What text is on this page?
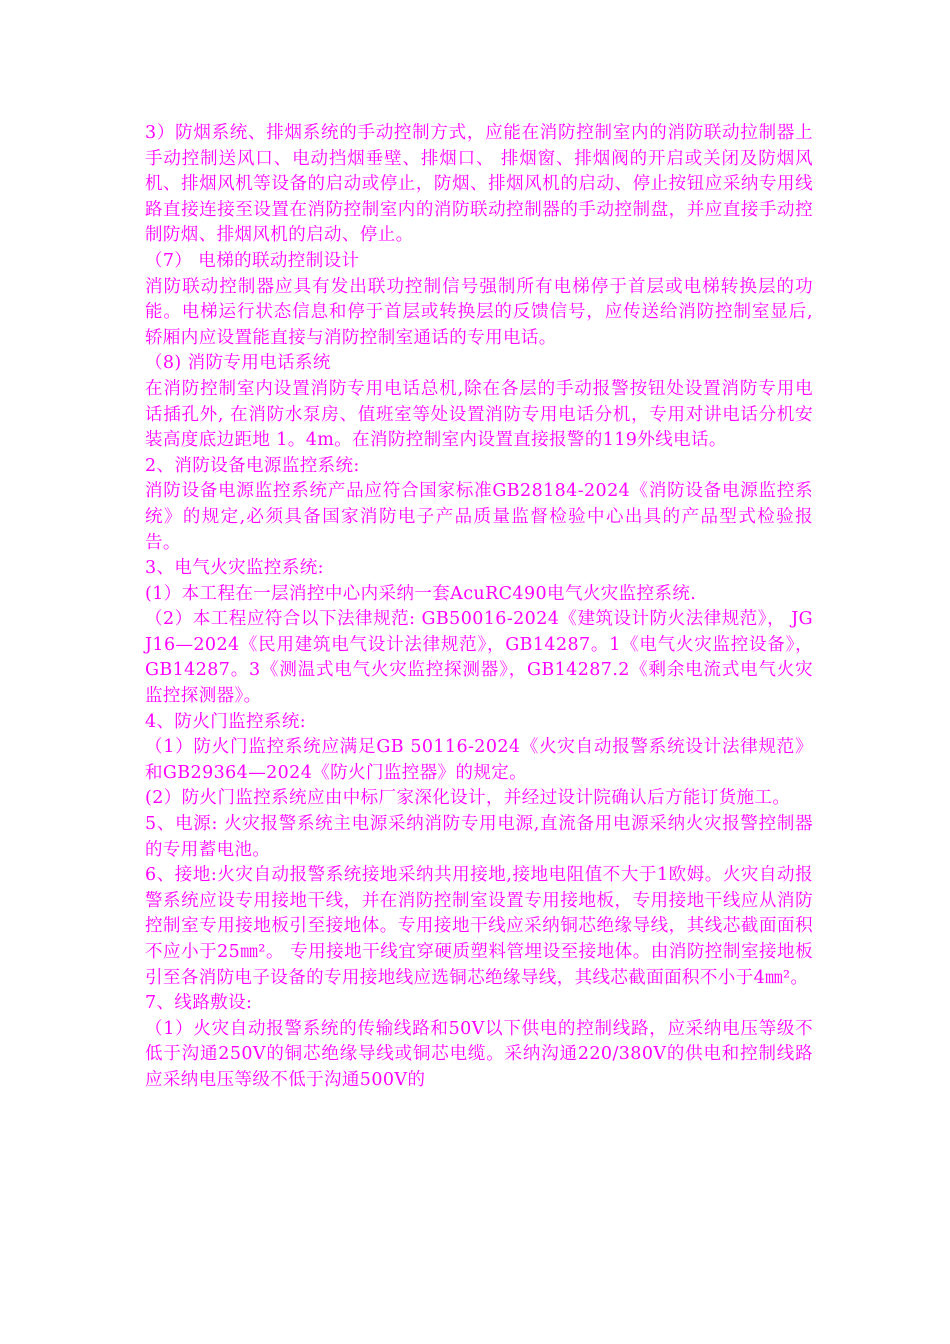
3）防烟系统、排烟系统的手动控制方式，应能在消防控制室内的消防联动拉制器上手动控制送风口、电动挡烟垂壁、排烟口、 排烟窗、排烟阀的开启或关闭及防烟风机、排烟风机等设备的启动或停止，防烟、排烟风机的启动、停止按钮应采纳专用线路直接连接至设置在消防控制室内的消防联动控制器的手动控制盘，并应直接手动控制防烟、排烟风机的启动、停止。

（7） 电梯的联动控制设计

消防联动控制器应具有发出联功控制信号强制所有电梯停于首层或电梯转换层的功能。电梯运行状态信息和停于首层或转换层的反馈信号，应传送给消防控制室显后,轿厢内应设置能直接与消防控制室通话的专用电话。

（8) 消防专用电话系统

在消防控制室内设置消防专用电话总机,除在各层的手动报警按钮处设置消防专用电话插孔外, 在消防水泵房、值班室等处设置消防专用电话分机，专用对讲电话分机安装高度底边距地 1。4m。在消防控制室内设置直接报警的119外线电话。

2、消防设备电源监控系统:

消防设备电源监控系统产品应符合国家标准GB28184-2024《消防设备电源监控系统》的规定,必须具备国家消防电子产品质量监督检验中心出具的产品型式检验报告。

3、电气火灾监控系统:

(1）本工程在一层消控中心内采纳一套AcuRC490电气火灾监控系统.

（2）本工程应符合以下法律规范: GB50016-2024《建筑设计防火法律规范》， JGJ16—2024《民用建筑电气设计法律规范》，GB14287。1《电气火灾监控设备》， GB14287。3《测温式电气火灾监控探测器》，GB14287.2《剩余电流式电气火灾监控探测器》。

4、防火门监控系统:

（1）防火门监控系统应满足GB 50116-2024《火灾自动报警系统设计法律规范》和GB29364—2024《防火门监控器》的规定。

(2）防火门监控系统应由中标厂家深化设计，并经过设计院确认后方能订货施工。

5、电源: 火灾报警系统主电源采纳消防专用电源,直流备用电源采纳火灾报警控制器的专用蓄电池。

6、接地:火灾自动报警系统接地采纳共用接地,接地电阻值不大于1欧姆。火灾自动报警系统应设专用接地干线，并在消防控制室设置专用接地板，专用接地干线应从消防控制室专用接地板引至接地体。专用接地干线应采纳铜芯绝缘导线，其线芯截面面积不应小于25㎜²。 专用接地干线宜穿硬质塑料管埋设至接地体。由消防控制室接地板引至各消防电子设备的专用接地线应选铜芯绝缘导线，其线芯截面面积不小于4㎜²。

7、线路敷设:

（1）火灾自动报警系统的传输线路和50V以下供电的控制线路，应采纳电压等级不低于沟通250V的铜芯绝缘导线或铜芯电缆。采纳沟通220/380V的供电和控制线路应采纳电压等级不低于沟通500V的
